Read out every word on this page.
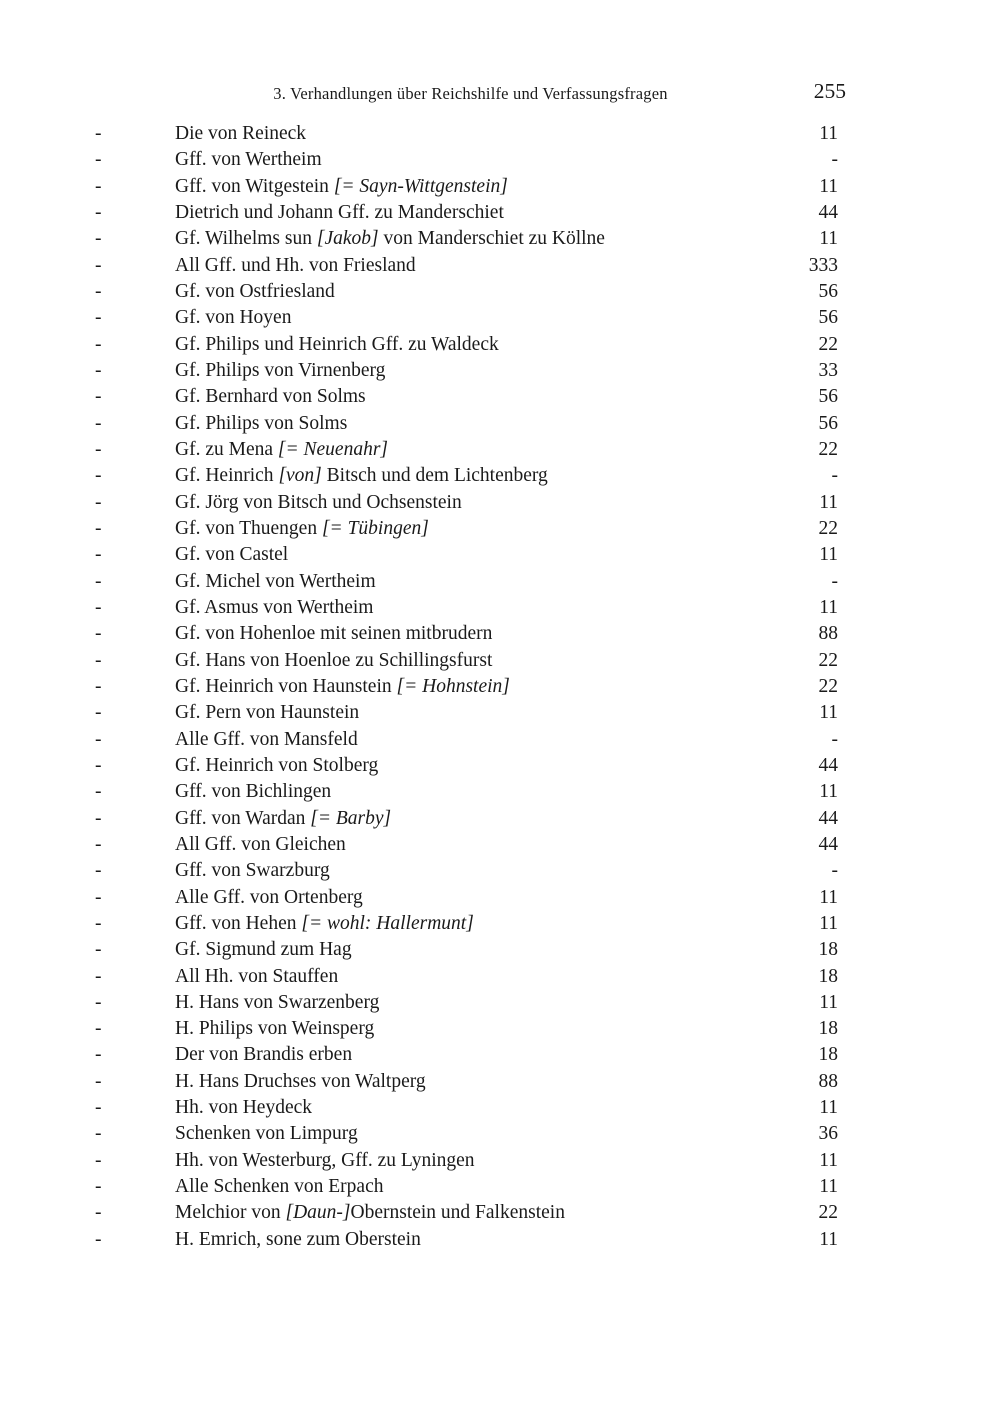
3. Verhandlungen über Reichshilfe und Verfassungsfragen	255
-	Die von Reineck	11
-	Gff. von Wertheim	-
-	Gff. von Witgestein [= Sayn-Wittgenstein]	11
-	Dietrich und Johann Gff. zu Manderschiet	44
-	Gf. Wilhelms sun [Jakob] von Manderschiet zu Köllne	11
-	All Gff. und Hh. von Friesland	333
-	Gf. von Ostfriesland	56
-	Gf. von Hoyen	56
-	Gf. Philips und Heinrich Gff. zu Waldeck	22
-	Gf. Philips von Virnenberg	33
-	Gf. Bernhard von Solms	56
-	Gf. Philips von Solms	56
-	Gf. zu Mena [= Neuenahr]	22
-	Gf. Heinrich [von] Bitsch und dem Lichtenberg	-
-	Gf. Jörg von Bitsch und Ochsenstein	11
-	Gf. von Thuengen [= Tübingen]	22
-	Gf. von Castel	11
-	Gf. Michel von Wertheim	-
-	Gf. Asmus von Wertheim	11
-	Gf. von Hohenloe mit seinen mitbrudern	88
-	Gf. Hans von Hoenloe zu Schillingsfurst	22
-	Gf. Heinrich von Haunstein [= Hohnstein]	22
-	Gf. Pern von Haunstein	11
-	Alle Gff. von Mansfeld	-
-	Gf. Heinrich von Stolberg	44
-	Gff. von Bichlingen	11
-	Gff. von Wardan [= Barby]	44
-	All Gff. von Gleichen	44
-	Gff. von Swarzburg	-
-	Alle Gff. von Ortenberg	11
-	Gff. von Hehen [= wohl: Hallermunt]	11
-	Gf. Sigmund zum Hag	18
-	All Hh. von Stauffen	18
-	H. Hans von Swarzenberg	11
-	H. Philips von Weinsperg	18
-	Der von Brandis erben	18
-	H. Hans Druchses von Waltperg	88
-	Hh. von Heydeck	11
-	Schenken von Limpurg	36
-	Hh. von Westerburg, Gff. zu Lyningen	11
-	Alle Schenken von Erpach	11
-	Melchior von [Daun-]Obernstein und Falkenstein	22
-	H. Emrich, sone zum Oberstein	11
